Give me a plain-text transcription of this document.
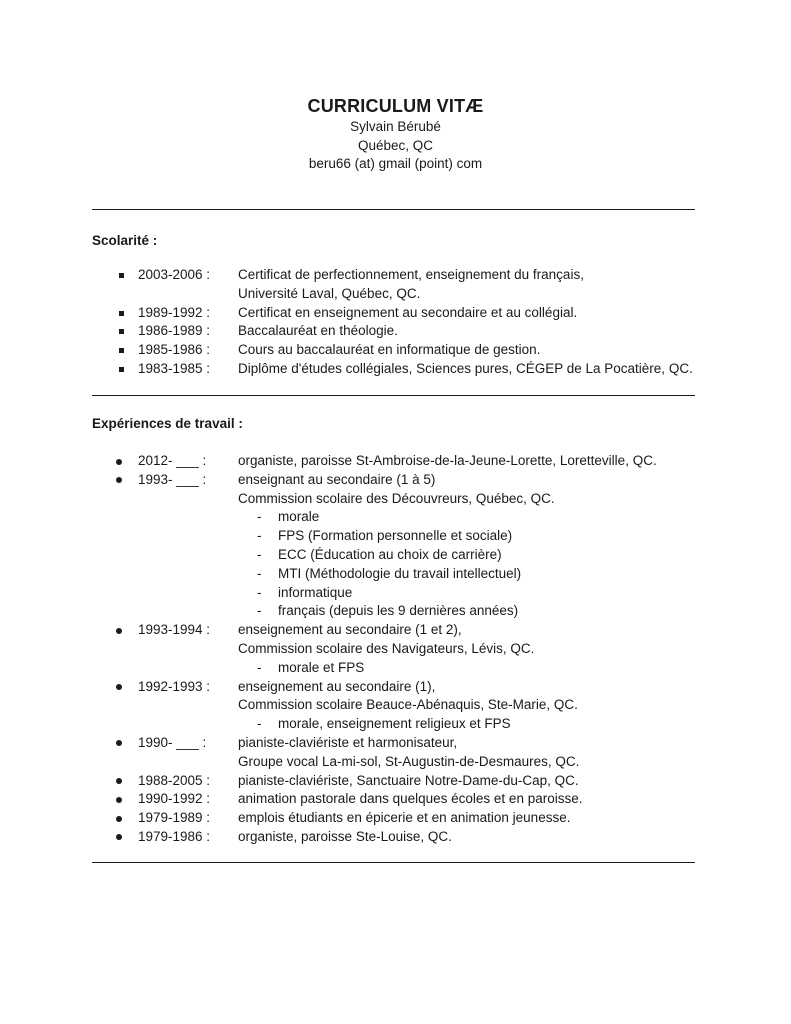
CURRICULUM VITÆ
Sylvain Bérubé
Québec, QC
beru66 (at) gmail (point) com
Scolarité :
2003-2006 : Certificat de perfectionnement, enseignement du français,
Université Laval, Québec, QC.
1989-1992 : Certificat en enseignement au secondaire et au collégial.
1986-1989 : Baccalauréat en théologie.
1985-1986 : Cours au baccalauréat en informatique de gestion.
1983-1985 : Diplôme d'études collégiales, Sciences pures, CÉGEP de La Pocatière, QC.
Expériences de travail :
2012- ___ : organiste, paroisse St-Ambroise-de-la-Jeune-Lorette, Loretteville, QC.
1993- ___ : enseignant au secondaire (1 à 5)
Commission scolaire des Découvreurs, Québec, QC.
- morale
- FPS (Formation personnelle et sociale)
- ECC (Éducation au choix de carrière)
- MTI (Méthodologie du travail intellectuel)
- informatique
- français (depuis les 9 dernières années)
1993-1994 : enseignement au secondaire (1 et 2),
Commission scolaire des Navigateurs, Lévis, QC.
- morale et FPS
1992-1993 : enseignement au secondaire (1),
Commission scolaire Beauce-Abénaquis, Ste-Marie, QC.
- morale, enseignement religieux et FPS
1990- ___ : pianiste-claviériste et harmonisateur,
Groupe vocal La-mi-sol, St-Augustin-de-Desmaures, QC.
1988-2005 : pianiste-claviériste, Sanctuaire Notre-Dame-du-Cap, QC.
1990-1992 : animation pastorale dans quelques écoles et en paroisse.
1979-1989 : emplois étudiants en épicerie et en animation jeunesse.
1979-1986 : organiste, paroisse Ste-Louise, QC.
